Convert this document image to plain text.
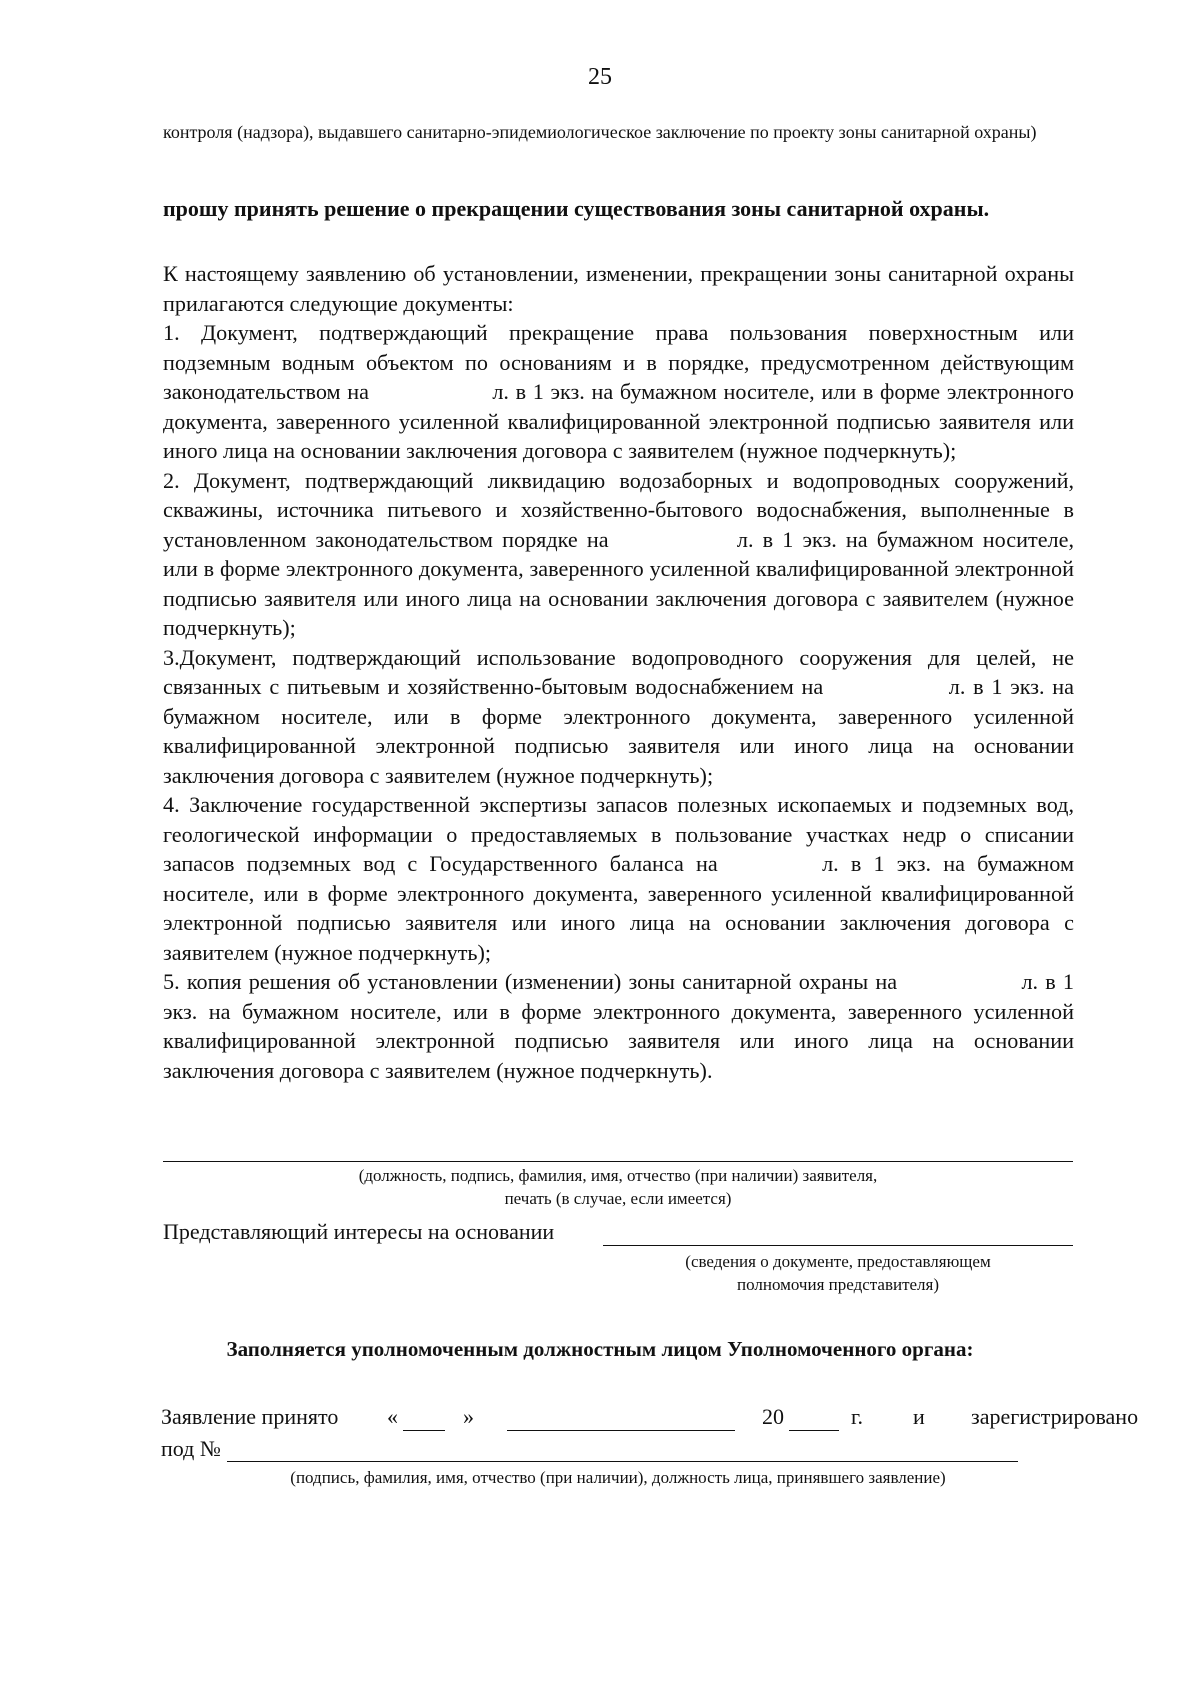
25
контроля (надзора), выдавшего санитарно-эпидемиологическое заключение по проекту зоны санитарной охраны)
прошу принять решение о прекращении существования зоны санитарной охраны.

К настоящему заявлению об установлении, изменении, прекращении зоны санитарной охраны прилагаются следующие документы:

1. Документ, подтверждающий прекращение права пользования поверхностным или подземным водным объектом по основаниям и в порядке, предусмотренном действующим законодательством на	л. в 1 экз. на бумажном носителе, или в форме электронного документа, заверенного усиленной квалифицированной электронной подписью заявителя или иного лица на основании заключения договора с заявителем (нужное подчеркнуть);

2. Документ, подтверждающий ликвидацию водозаборных и водопроводных сооружений, скважины, источника питьевого и хозяйственно-бытового водоснабжения, выполненные в установленном законодательством порядке на	л. в 1 экз. на бумажном носителе, или в форме электронного документа, заверенного усиленной квалифицированной электронной подписью заявителя или иного лица на основании заключения договора с заявителем (нужное подчеркнуть);

3.Документ, подтверждающий использование водопроводного сооружения для целей, не связанных с питьевым и хозяйственно-бытовым водоснабжением на	л. в 1 экз. на бумажном носителе, или в форме электронного документа, заверенного усиленной квалифицированной электронной подписью заявителя или иного лица на основании заключения договора с заявителем (нужное подчеркнуть);

4. Заключение государственной экспертизы запасов полезных ископаемых и подземных вод, геологической информации о предоставляемых в пользование участках недр о списании запасов подземных вод с Государственного баланса на	л. в 1 экз. на бумажном носителе, или в форме электронного документа, заверенного усиленной квалифицированной электронной подписью заявителя или иного лица на основании заключения договора с заявителем (нужное подчеркнуть);

5. копия решения об установлении (изменении) зоны санитарной охраны на	л. в 1 экз. на бумажном носителе, или в форме электронного документа, заверенного усиленной квалифицированной электронной подписью заявителя или иного лица на основании заключения договора с заявителем (нужное подчеркнуть).

(должность, подпись, фамилия, имя, отчество (при наличии) заявителя,
печать (в случае, если имеется)
Представляющий интересы на основании
(сведения о документе, предоставляющем
полномочия представителя)
Заполняется уполномоченным должностным лицом Уполномоченного органа:
Заявление принято «	»	20	г. и зарегистрировано
под №
(подпись, фамилия, имя, отчество (при наличии), должность лица, принявшего заявление)
